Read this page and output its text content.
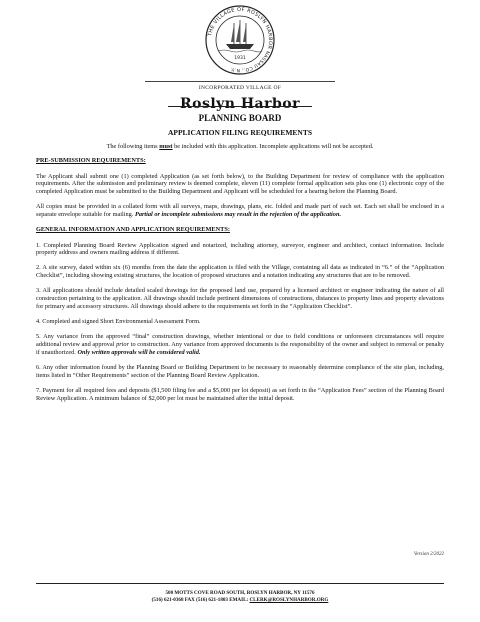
THE VILLAGE OF ROSLYN HARBOR
NASSAU CO., N.Y.
1931
INCORPORATED VILLAGE OF
Roslyn Harbor
PLANNING BOARD
APPLICATION FILING REQUIREMENTS

The following items must be included with this application. Incomplete applications will not be accepted.

PRE-SUBMISSION REQUIREMENTS:

The Applicant shall submit one (1) completed Application (as set forth below), to the Building Department for review of compliance with the application requirements. After the submission and preliminary review is deemed complete, eleven (11) complete formal application sets plus one (1) electronic copy of the completed Application must be submitted to the Building Department and Applicant will be scheduled for a hearing before the Planning Board.

All copies must be provided in a collated form with all surveys, maps, drawings, plans, etc. folded and made part of each set. Each set shall be enclosed in a separate envelope suitable for mailing. Partial or incomplete submissions may result in the rejection of the application.

GENERAL INFORMATION AND APPLICATION REQUIREMENTS:

1. Completed Planning Board Review Application signed and notarized, including attorney, surveyor, engineer and architect, contact information. Include property address and owners mailing address if different.

2. A site survey, dated within six (6) months from the date the application is filed with the Village, containing all data as indicated in “6.” of the “Application Checklist”, including showing existing structures, the location of proposed structures and a notation indicating any structures that are to be removed.

3. All applications should include detailed scaled drawings for the proposed land use, prepared by a licensed architect or engineer indicating the nature of all construction pertaining to the application. All drawings should include pertinent dimensions of constructions, distances to property lines and property elevations for primary and accessory structures. All drawings should adhere to the requirements set forth in the “Application Checklist”.

4. Completed and signed Short Environmental Assessment Form.

5. Any variance from the approved “final” construction drawings, whether intentional or due to field conditions or unforeseen circumstances will require additional review and approval prior to construction. Any variance from approved documents is the responsibility of the owner and subject to removal or penalty if unauthorized. Only written approvals will be considered valid.

6. Any other information found by the Planning Board or Building Department to be necessary to reasonably determine compliance of the site plan, including, items listed in “Other Requirements” section of the Planning Board Review Application.

7. Payment for all required fees and deposits ($1,500 filing fee and a $5,000 per lot deposit) as set forth in the “Application Fees” section of the Planning Board Review Application. A minimum balance of $2,000 per lot must be maintained after the initial deposit.

Version 2/2022
500 MOTTS COVE ROAD SOUTH, ROSLYN HARBOR, NY 11576
(516) 621-0368 FAX (516) 621-1803 EMAIL: CLERK@ROSLYNHARBOR.ORG
